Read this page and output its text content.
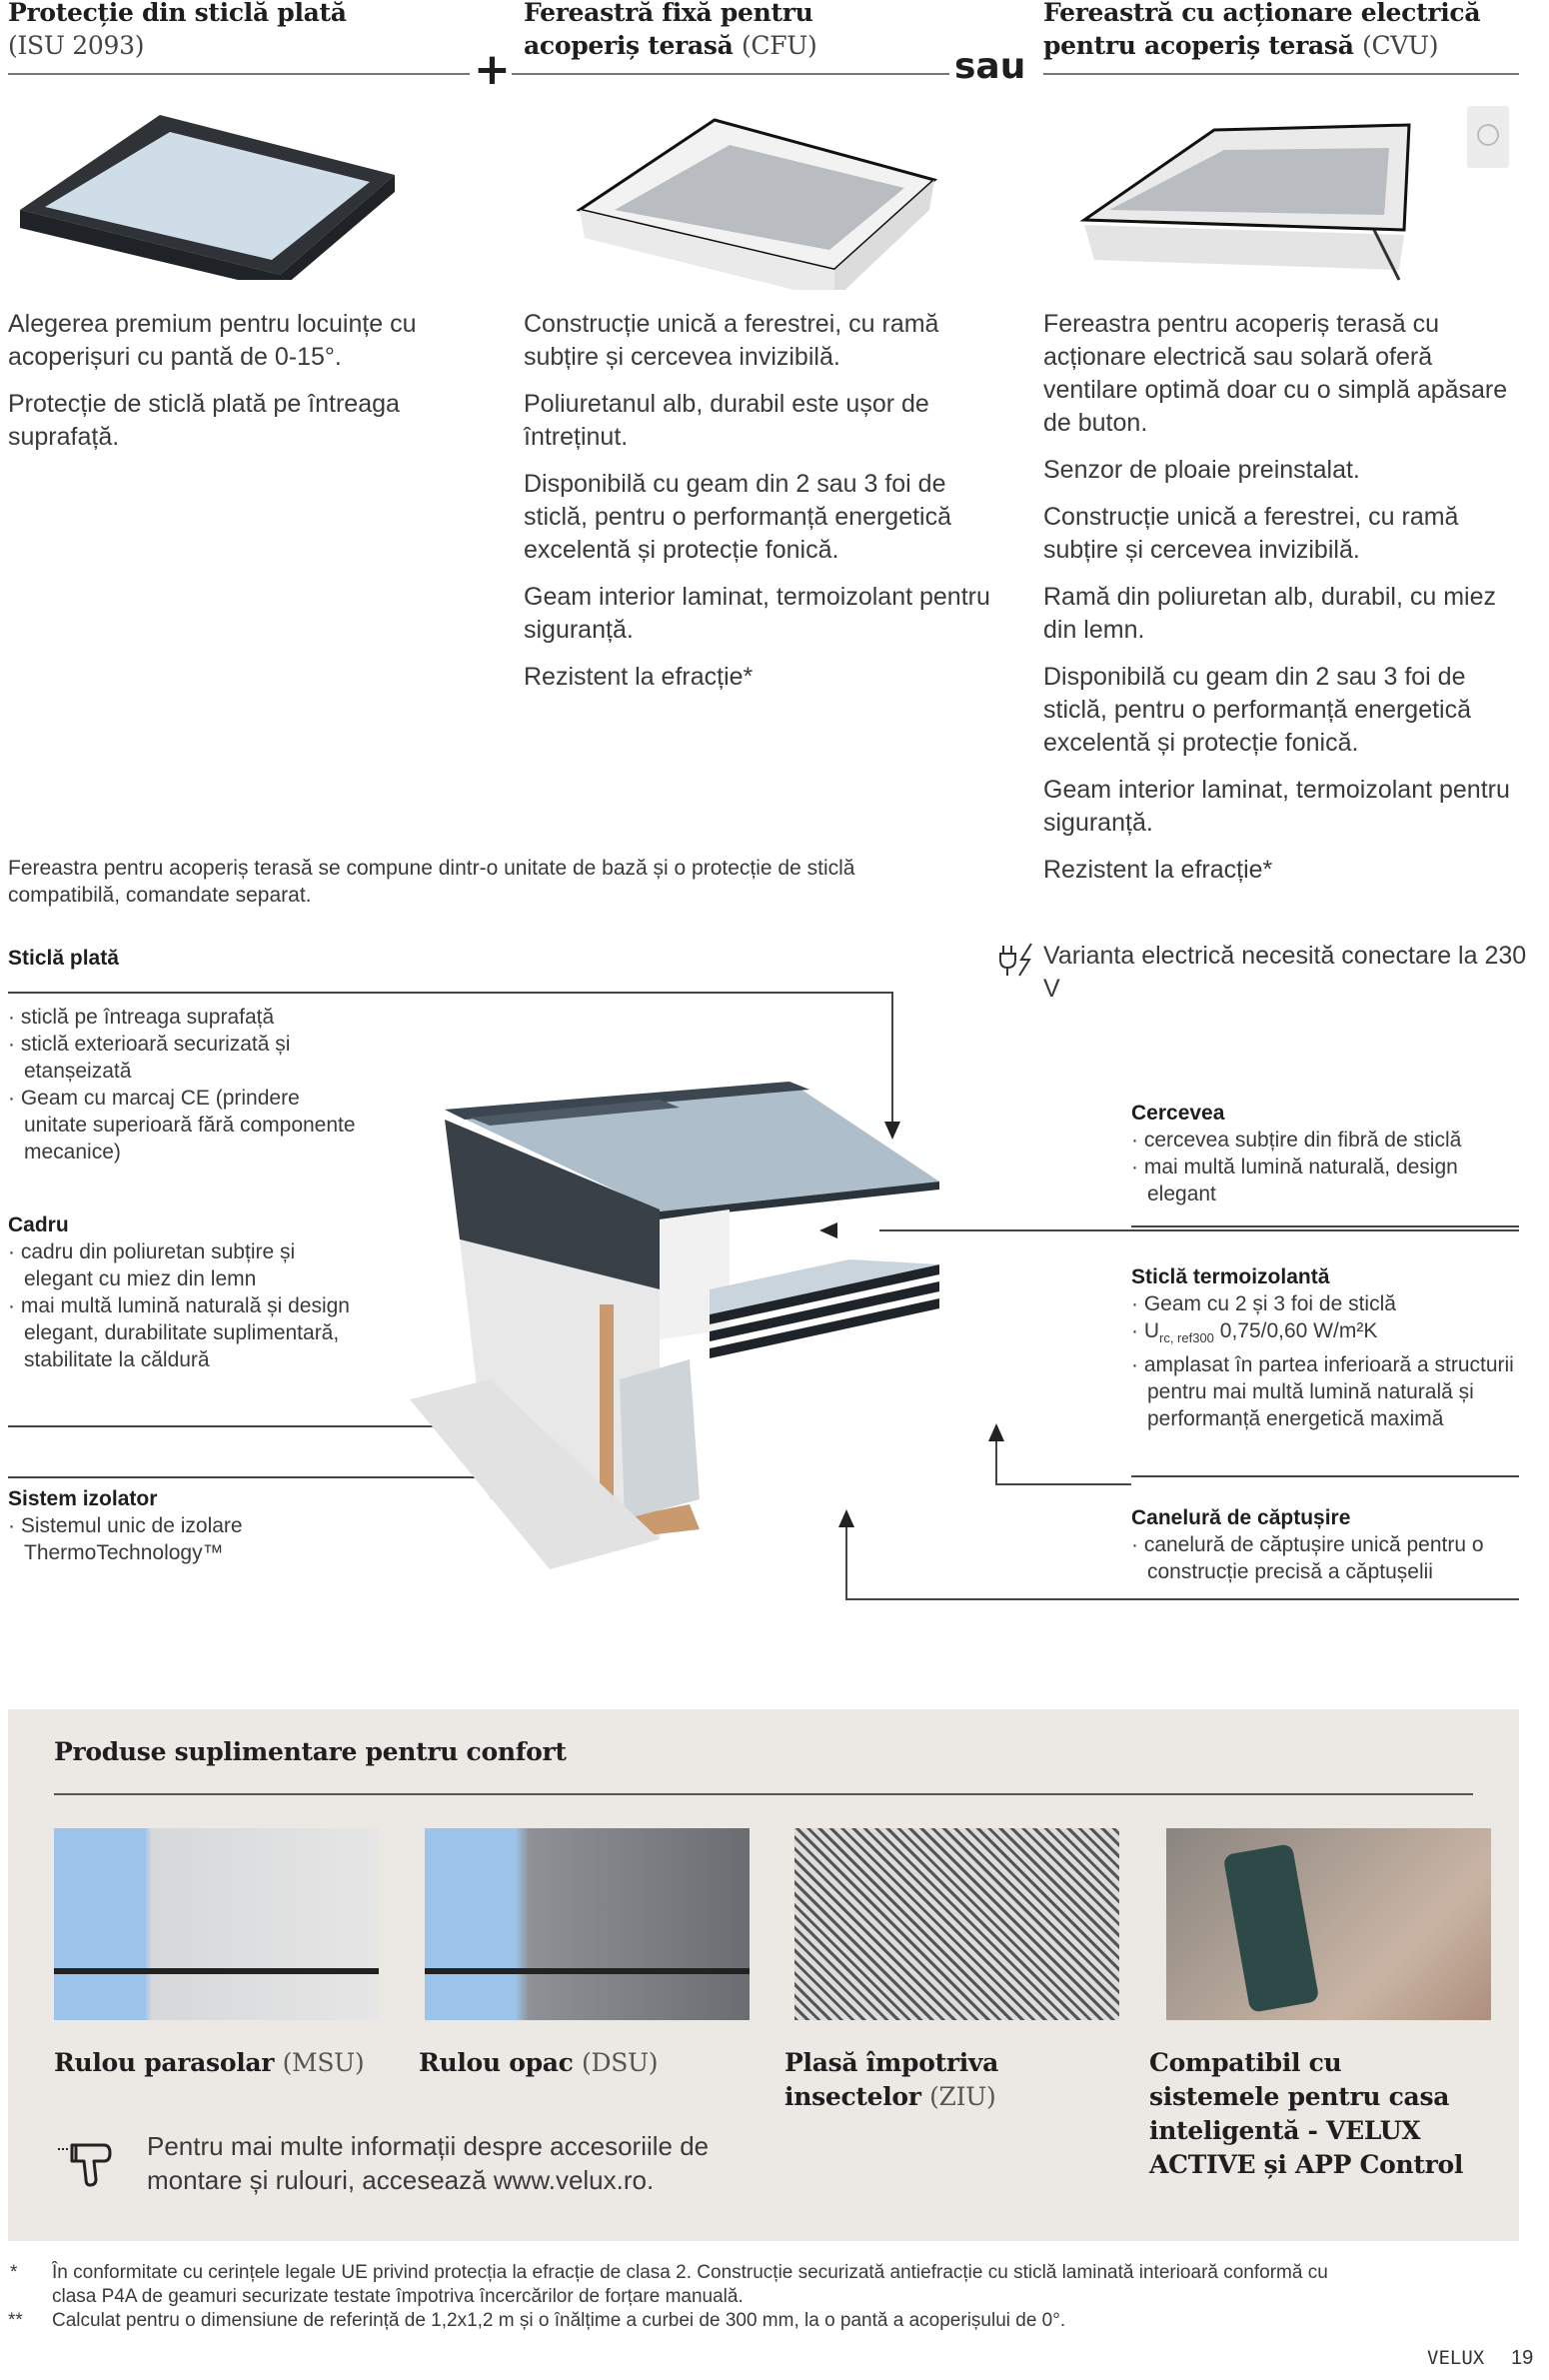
Protecție din sticlă plată
(ISU 2093)	+
Fereastră fixă pentru
acoperiș terasă (CFU)
sau
Fereastră cu acționare electrică
pentru acoperiș terasă (CVU)

Alegerea premium pentru locuințe cu acoperișuri cu pantă de 0-15°.

Protecție de sticlă plată pe întreaga suprafață.

Construcție unică a ferestrei, cu ramă subțire și cercevea invizibilă.

Poliuretanul alb, durabil este ușor de întreținut.

Disponibilă cu geam din 2 sau 3 foi de sticlă, pentru o performanță energetică excelentă și protecție fonică.

Geam interior laminat, termoizolant pentru siguranță.

Rezistent la efracție*

Fereastra pentru acoperiș terasă cu acționare electrică sau solară oferă ventilare optimă doar cu o simplă apăsare de buton.

Senzor de ploaie preinstalat.

Construcție unică a ferestrei, cu ramă subțire și cercevea invizibilă.

Ramă din poliuretan alb, durabil, cu miez din lemn.

Disponibilă cu geam din 2 sau 3 foi de sticlă, pentru o performanță energetică excelentă și protecție fonică.

Geam interior laminat, termoizolant pentru siguranță.

Rezistent la efracție*

Varianta electrică necesită conectare la 230 V
Fereastra pentru acoperiș terasă se compune dintr-o unitate de bază și o protecție de sticlă compatibilă, comandate separat.
Sticlă plată
· sticlă pe întreaga suprafață
· sticlă exterioară securizată și etanșeizată
· Geam cu marcaj CE (prindere unitate superioară fără componente mecanice)
Cadru
· cadru din poliuretan subțire și elegant cu miez din lemn
· mai multă lumină naturală și design elegant, durabilitate suplimentară, stabilitate la căldură
Sistem izolator
· Sistemul unic de izolare ThermoTechnology™
Cercevea
· cercevea subțire din fibră de sticlă
· mai multă lumină naturală, design elegant
Sticlă termoizolantă
· Geam cu 2 și 3 foi de sticlă
· $U_{rc, ref300}$ 0,75/0,60 W/m²K
· amplasat în partea inferioară a structurii pentru mai multă lumină naturală și performanță energetică maximă
Canelură de căptușire
· canelură de căptușire unică pentru o construcție precisă a căptușelii
Produse suplimentare pentru confort
Rulou parasolar (MSU)	Rulou opac (DSU)	Plasă împotriva insectelor (ZIU)
Compatibil cu sistemele pentru casa inteligentă - VELUX ACTIVE și APP Control
Pentru mai multe informații despre accesoriile de montare și rulouri, accesează www.velux.ro.
* În conformitate cu cerințele legale UE privind protecția la efracție de clasa 2. Construcție securizată antiefracție cu sticlă laminată interioară conformă cu clasa P4A de geamuri securizate testate împotriva încercărilor de forțare manuală.
** Calculat pentru o dimensiune de referință de 1,2x1,2 m și o înălțime a curbei de 300 mm, la o pantă a acoperișului de 0°.
VELUX 19
